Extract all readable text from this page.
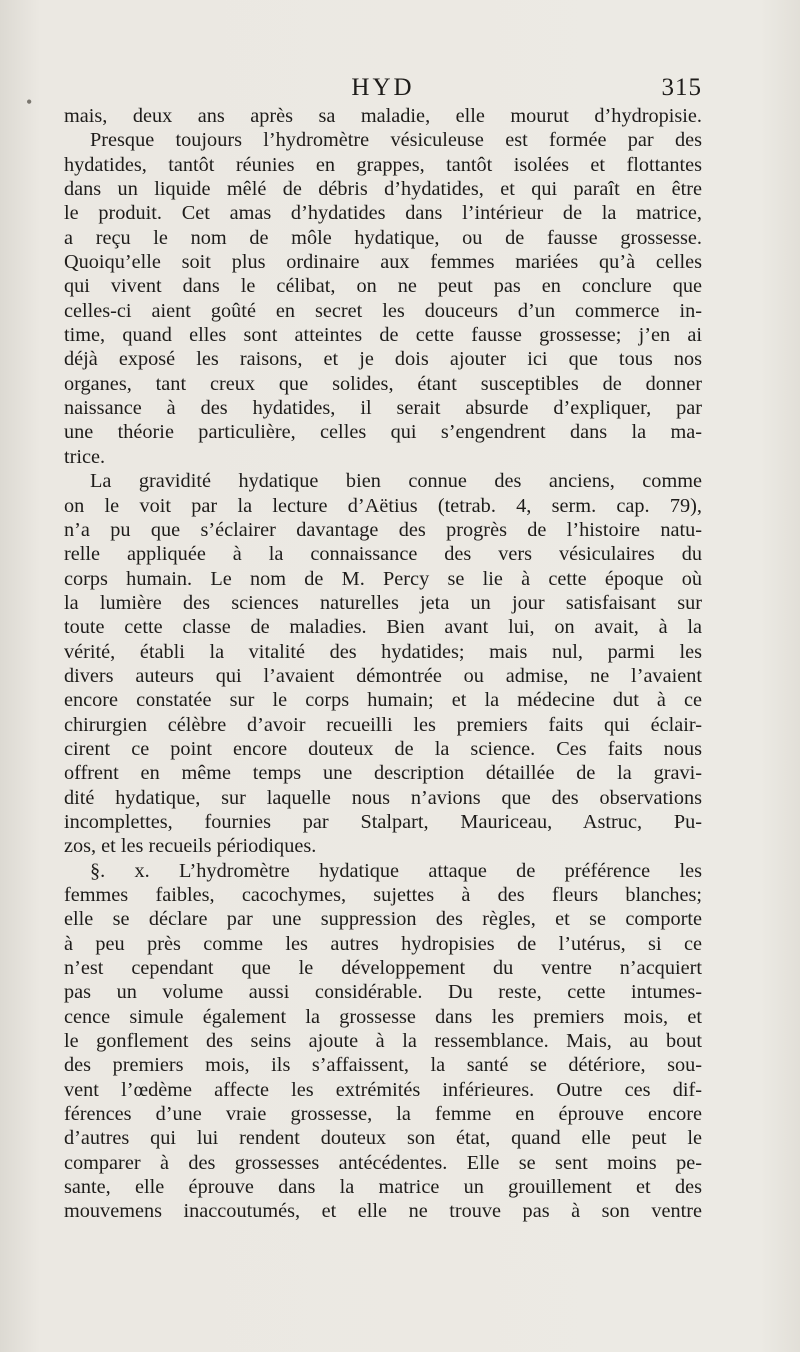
HYD	315
•
mais, deux ans après sa maladie, elle mourut d’hydropisie.
Presque toujours l’hydromètre vésiculeuse est formée par des
hydatides, tantôt réunies en grappes, tantôt isolées et flottantes
dans un liquide mêlé de débris d’hydatides, et qui paraît en être
le produit. Cet amas d’hydatides dans l’intérieur de la matrice,
a reçu le nom de môle hydatique, ou de fausse grossesse.
Quoiqu’elle soit plus ordinaire aux femmes mariées qu’à celles
qui vivent dans le célibat, on ne peut pas en conclure que
celles-ci aient goûté en secret les douceurs d’un commerce in-
time, quand elles sont atteintes de cette fausse grossesse; j’en ai
déjà exposé les raisons, et je dois ajouter ici que tous nos
organes, tant creux que solides, étant susceptibles de donner
naissance à des hydatides, il serait absurde d’expliquer, par
une théorie particulière, celles qui s’engendrent dans la ma-
trice.
La gravidité hydatique bien connue des anciens, comme
on le voit par la lecture d’Aëtius (tetrab. 4, serm. cap. 79),
n’a pu que s’éclairer davantage des progrès de l’histoire natu-
relle appliquée à la connaissance des vers vésiculaires du
corps humain. Le nom de M. Percy se lie à cette époque où
la lumière des sciences naturelles jeta un jour satisfaisant sur
toute cette classe de maladies. Bien avant lui, on avait, à la
vérité, établi la vitalité des hydatides; mais nul, parmi les
divers auteurs qui l’avaient démontrée ou admise, ne l’avaient
encore constatée sur le corps humain; et la médecine dut à ce
chirurgien célèbre d’avoir recueilli les premiers faits qui éclair-
cirent ce point encore douteux de la science. Ces faits nous
offrent en même temps une description détaillée de la gravi-
dité hydatique, sur laquelle nous n’avions que des observations
incomplettes, fournies par Stalpart, Mauriceau, Astruc, Pu-
zos, et les recueils périodiques.
§. x. L’hydromètre hydatique attaque de préférence les
femmes faibles, cacochymes, sujettes à des fleurs blanches;
elle se déclare par une suppression des règles, et se comporte
à peu près comme les autres hydropisies de l’utérus, si ce
n’est cependant que le développement du ventre n’acquiert
pas un volume aussi considérable. Du reste, cette intumes-
cence simule également la grossesse dans les premiers mois, et
le gonflement des seins ajoute à la ressemblance. Mais, au bout
des premiers mois, ils s’affaissent, la santé se détériore, sou-
vent l’œdème affecte les extrémités inférieures. Outre ces dif-
férences d’une vraie grossesse, la femme en éprouve encore
d’autres qui lui rendent douteux son état, quand elle peut le
comparer à des grossesses antécédentes. Elle se sent moins pe-
sante, elle éprouve dans la matrice un grouillement et des
mouvemens inaccoutumés, et elle ne trouve pas à son ventre
